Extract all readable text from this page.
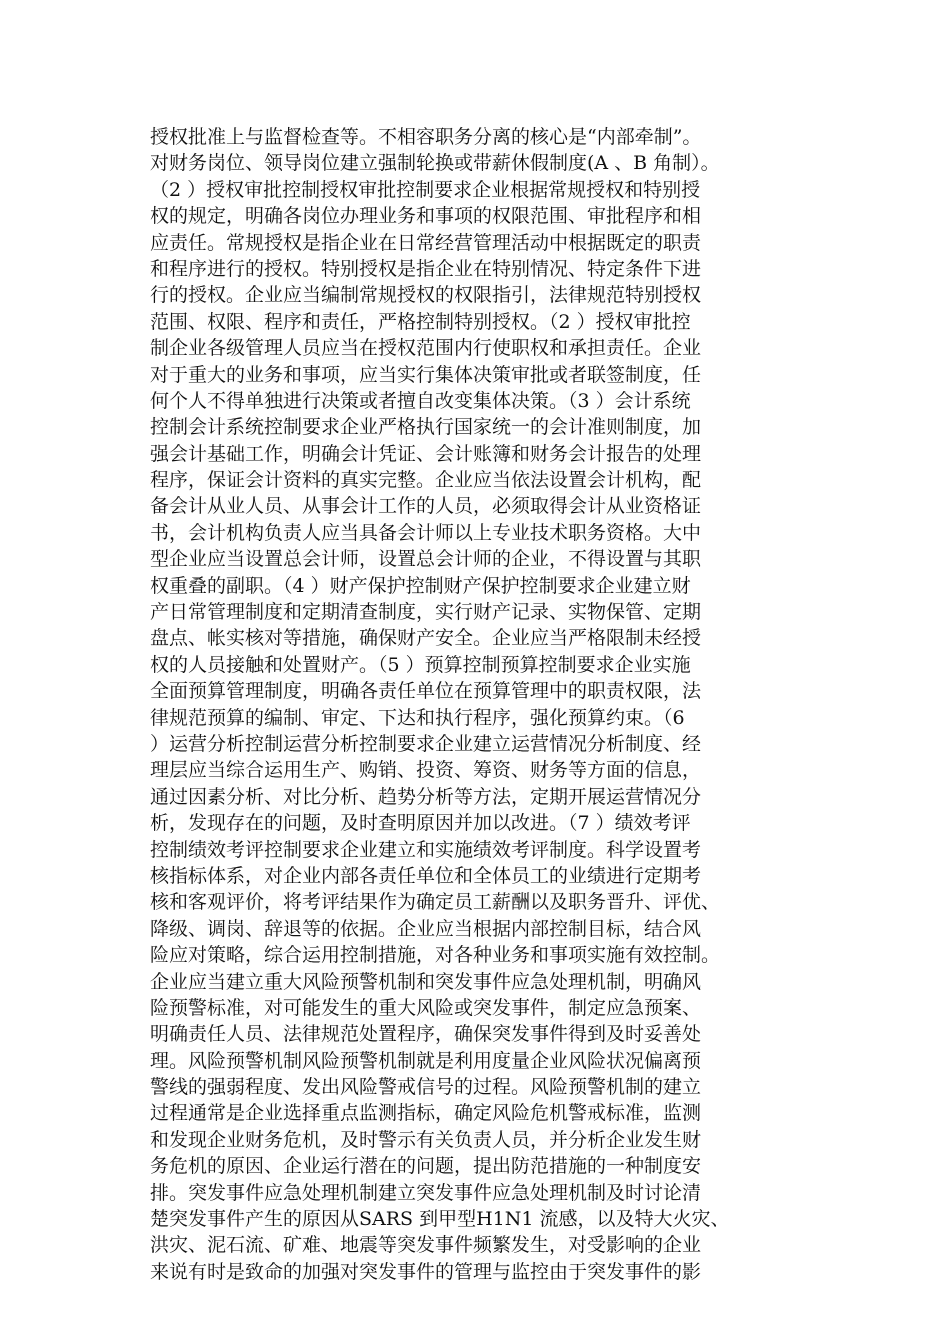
授权批准上与监督检查等。不相容职务分离的核心是“内部牵制”。
对财务岗位、领导岗位建立强制轮换或带薪休假制度(A 、B 角制）。
（2 ）授权审批控制授权审批控制要求企业根据常规授权和特别授
权的规定，明确各岗位办理业务和事项的权限范围、审批程序和相
应责任。常规授权是指企业在日常经营管理活动中根据既定的职责
和程序进行的授权。特别授权是指企业在特别情况、特定条件下进
行的授权。企业应当编制常规授权的权限指引，法律规范特别授权
范围、权限、程序和责任，严格控制特别授权。（2 ）授权审批控
制企业各级管理人员应当在授权范围内行使职权和承担责任。企业
对于重大的业务和事项，应当实行集体决策审批或者联签制度，任
何个人不得单独进行决策或者擅自改变集体决策。（3 ）会计系统
控制会计系统控制要求企业严格执行国家统一的会计准则制度，加
强会计基础工作，明确会计凭证、会计账簿和财务会计报告的处理
程序，保证会计资料的真实完整。企业应当依法设置会计机构，配
备会计从业人员、从事会计工作的人员，必须取得会计从业资格证
书，会计机构负责人应当具备会计师以上专业技术职务资格。大中
型企业应当设置总会计师，设置总会计师的企业，不得设置与其职
权重叠的副职。（4 ）财产保护控制财产保护控制要求企业建立财
产日常管理制度和定期清查制度，实行财产记录、实物保管、定期
盘点、帐实核对等措施，确保财产安全。企业应当严格限制未经授
权的人员接触和处置财产。（5 ）预算控制预算控制要求企业实施
全面预算管理制度，明确各责任单位在预算管理中的职责权限，法
律规范预算的编制、审定、下达和执行程序，强化预算约束。（6
）运营分析控制运营分析控制要求企业建立运营情况分析制度、经
理层应当综合运用生产、购销、投资、筹资、财务等方面的信息，
通过因素分析、对比分析、趋势分析等方法，定期开展运营情况分
析，发现存在的问题，及时查明原因并加以改进。（7 ）绩效考评
控制绩效考评控制要求企业建立和实施绩效考评制度。科学设置考
核指标体系，对企业内部各责任单位和全体员工的业绩进行定期考
核和客观评价，将考评结果作为确定员工薪酬以及职务晋升、评优、
降级、调岗、辞退等的依据。企业应当根据内部控制目标，结合风
险应对策略，综合运用控制措施，对各种业务和事项实施有效控制。
企业应当建立重大风险预警机制和突发事件应急处理机制，明确风
险预警标准，对可能发生的重大风险或突发事件，制定应急预案、
明确责任人员、法律规范处置程序，确保突发事件得到及时妥善处
理。风险预警机制风险预警机制就是利用度量企业风险状况偏离预
警线的强弱程度、发出风险警戒信号的过程。风险预警机制的建立
过程通常是企业选择重点监测指标，确定风险危机警戒标准，监测
和发现企业财务危机，及时警示有关负责人员，并分析企业发生财
务危机的原因、企业运行潜在的问题，提出防范措施的一种制度安
排。突发事件应急处理机制建立突发事件应急处理机制及时讨论清
楚突发事件产生的原因从SARS 到甲型H1N1 流感，以及特大火灾、
洪灾、泥石流、矿难、地震等突发事件频繁发生，对受影响的企业
来说有时是致命的加强对突发事件的管理与监控由于突发事件的影
